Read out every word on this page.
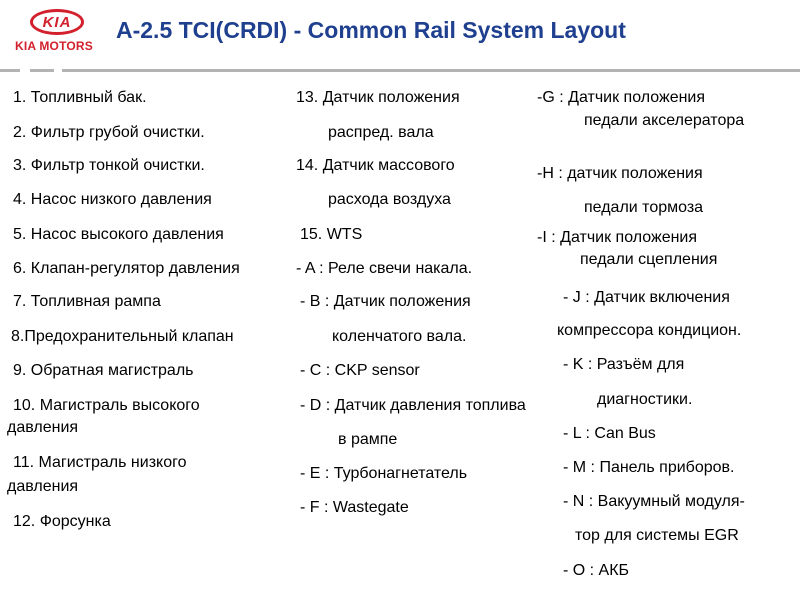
KIA
KIA MOTORS
A-2.5 TCI(CRDI) - Common Rail System Layout

1. Топливный бак.

2. Фильтр грубой очистки.

3. Фильтр тонкой очистки.

4. Насос низкого давления

5. Насос высокого давления

6. Клапан-регулятор давления

7. Топливная рампа

8.Предохранительный клапан

9. Обратная магистраль

10. Магистраль высокого

давления

11. Магистраль низкого

давления

12. Форсунка

13. Датчик положения

распред. вала

14. Датчик массового

расхода воздуха

15. WTS

- A : Реле свечи накала.

- B : Датчик положения

коленчатого вала.

- C : CKP sensor

- D : Датчик давления топлива

в рампе

- E : Турбонагнетатель

- F : Wastegate

-G : Датчик положения

педали акселератора

-H : датчик положения

педали тормоза

-I : Датчик положения

педали сцепления

- J : Датчик включения

компрессора кондицион.

- K : Разъём для

диагностики.

- L : Can Bus

- M : Панель приборов.

- N : Вакуумный модуля-

тор для системы EGR

- O : АКБ
